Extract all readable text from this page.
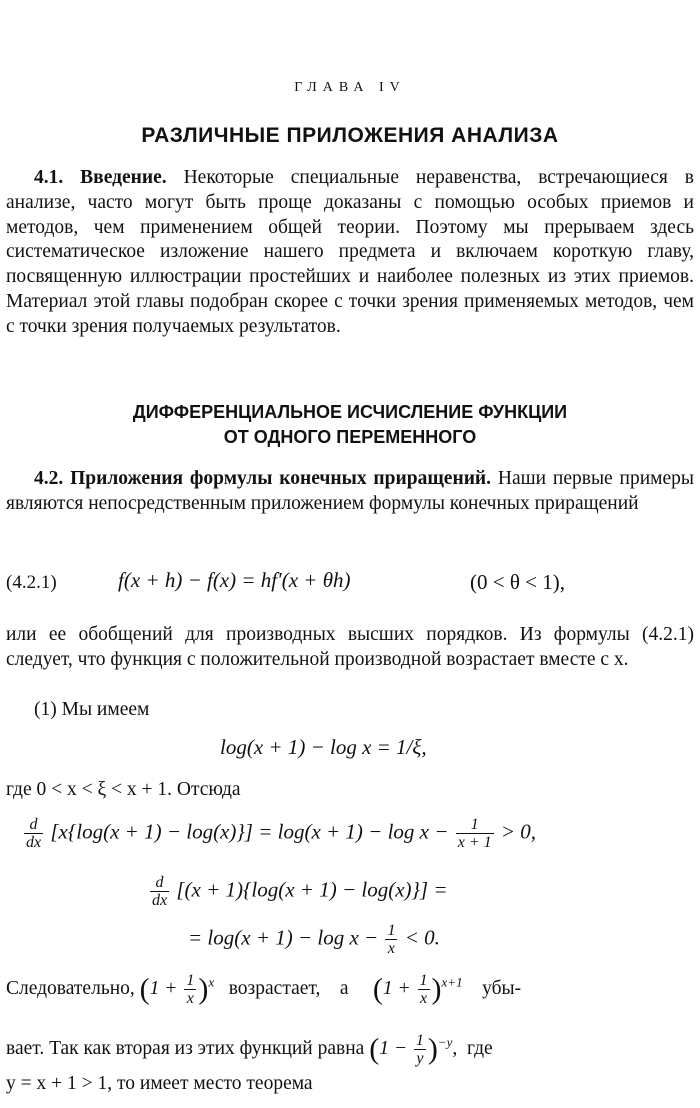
ГЛАВА IV
РАЗЛИЧНЫЕ ПРИЛОЖЕНИЯ АНАЛИЗА

4.1. Введение. Некоторые специальные неравенства, встречающиеся в анализе, часто могут быть проще доказаны с помощью особых приемов и методов, чем применением общей теории. Поэтому мы прерываем здесь систематическое изложение нашего предмета и включаем короткую главу, посвященную иллюстрации простейших и наиболее полезных из этих приемов. Материал этой главы подобран скорее с точки зрения применяемых методов, чем с точки зрения получаемых результатов.

ДИФФЕРЕНЦИАЛЬНОЕ ИСЧИСЛЕНИЕ ФУНКЦИИ
ОТ ОДНОГО ПЕРЕМЕННОГО

4.2. Приложения формулы конечных приращений. Наши первые примеры являются непосредственным приложением формулы конечных приращений

(4.2.1)	f(x + h) − f(x) = hf′(x + θh)	(0 < θ < 1),

или ее обобщений для производных высших порядков. Из формулы (4.2.1) следует, что функция с положительной производной возрастает вместе с x.

(1) Мы имеем

log(x + 1) − log x = 1/ξ,

где 0 < x < ξ < x + 1. Отсюда

$\frac{d}{dx} [x\{\log(x + 1) - \log(x)\}] = \log(x + 1) - \log x - \frac{1}{x + 1} > 0$,
$\frac{d}{dx} [(x + 1)\{\log(x + 1) - \log(x)\}]$ =
= $\log(x + 1) - \log x - \frac{1}{x} < 0$.
Следовательно, $(1 + \frac{1}{x} )^x$ возрастает, а $(1 + \frac{1}{x} )^{x+1}$ убы-
вает. Так как вторая из этих функций равна $(1 - \frac{1}{y} )^{-y}$,  где
y = x + 1 > 1, то имеет место теорема
